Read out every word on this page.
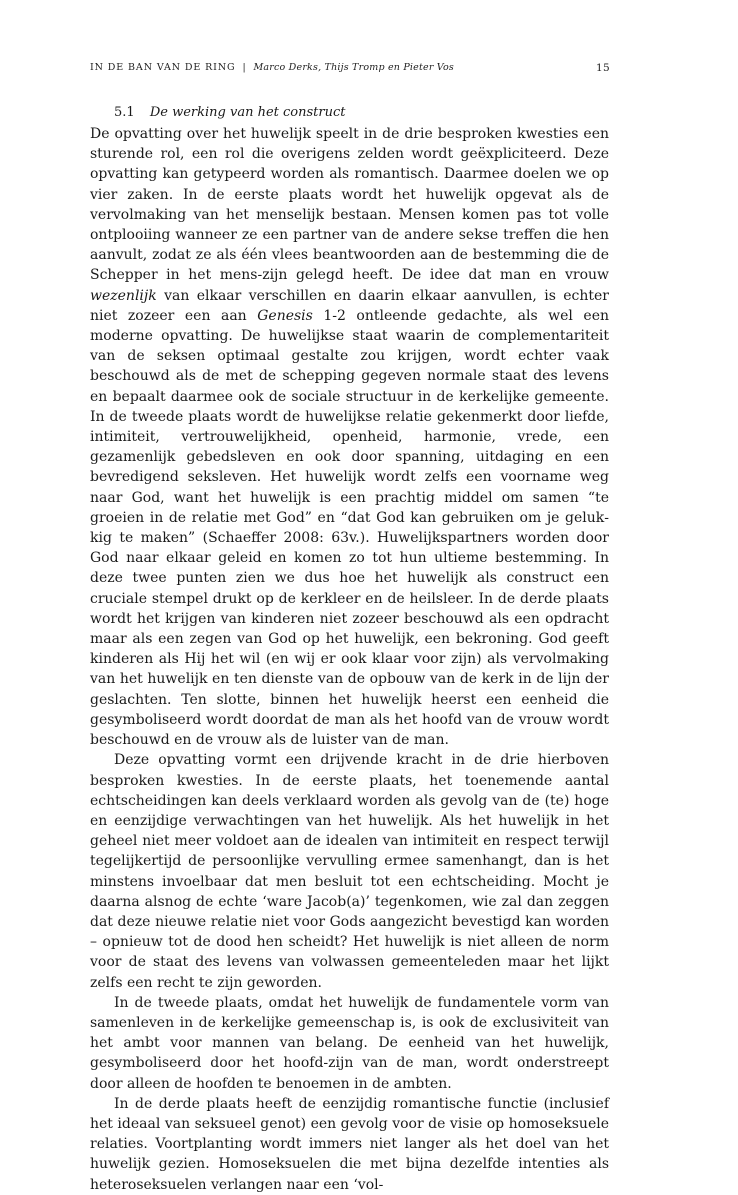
IN DE BAN VAN DE RING | Marco Derks, Thijs Tromp en Pieter Vos	15
5.1 De werking van het construct

De opvatting over het huwelijk speelt in de drie besproken kwesties een sturende rol, een rol die overigens zelden wordt geëxpliciteerd. Deze opvatting kan getypeerd worden als romantisch. Daarmee doelen we op vier zaken. In de eerste plaats wordt het huwelijk opgevat als de vervolmaking van het menselijk bestaan. Mensen komen pas tot volle ontplooiing wanneer ze een partner van de andere sekse treffen die hen aanvult, zodat ze als één vlees beantwoorden aan de bestemming die de Schepper in het mens-zijn gelegd heeft. De idee dat man en vrouw wezenlijk van elkaar verschillen en daarin elkaar aanvullen, is echter niet zozeer een aan Genesis 1-2 ontleende gedachte, als wel een moderne opvatting. De huwelijkse staat waarin de complementariteit van de seksen optimaal gestalte zou krijgen, wordt echter vaak beschouwd als de met de schepping gegeven normale staat des levens en bepaalt daarmee ook de sociale structuur in de kerkelijke gemeente. In de tweede plaats wordt de huwelijkse relatie gekenmerkt door liefde, intimiteit, vertrouwelijkheid, openheid, harmonie, vrede, een gezamenlijk gebedsleven en ook door spanning, uitdaging en een bevredigend seksleven. Het huwelijk wordt zelfs een voorname weg naar God, want het huwelijk is een prachtig middel om samen “te groeien in de relatie met God” en “dat God kan gebruiken om je gelukkig te maken” (Schaeffer 2008: 63v.). Huwelijkspartners worden door God naar elkaar geleid en komen zo tot hun ultieme bestemming. In deze twee punten zien we dus hoe het huwelijk als construct een cruciale stempel drukt op de kerkleer en de heilsleer. In de derde plaats wordt het krijgen van kinderen niet zozeer beschouwd als een opdracht maar als een zegen van God op het huwelijk, een bekroning. God geeft kinderen als Hij het wil (en wij er ook klaar voor zijn) als vervolmaking van het huwelijk en ten dienste van de opbouw van de kerk in de lijn der geslachten. Ten slotte, binnen het huwelijk heerst een eenheid die gesymboliseerd wordt doordat de man als het hoofd van de vrouw wordt beschouwd en de vrouw als de luister van de man.

Deze opvatting vormt een drijvende kracht in de drie hierboven besproken kwesties. In de eerste plaats, het toenemende aantal echtscheidingen kan deels verklaard worden als gevolg van de (te) hoge en eenzijdige verwachtingen van het huwelijk. Als het huwelijk in het geheel niet meer voldoet aan de idealen van intimiteit en respect terwijl tegelijkertijd de persoonlijke vervulling ermee samenhangt, dan is het minstens invoelbaar dat men besluit tot een echtscheiding. Mocht je daarna alsnog de echte ‘ware Jacob(a)’ tegenkomen, wie zal dan zeggen dat deze nieuwe relatie niet voor Gods aangezicht bevestigd kan worden – opnieuw tot de dood hen scheidt? Het huwelijk is niet alleen de norm voor de staat des levens van volwassen gemeenteleden maar het lijkt zelfs een recht te zijn geworden.

In de tweede plaats, omdat het huwelijk de fundamentele vorm van samenleven in de kerkelijke gemeenschap is, is ook de exclusiviteit van het ambt voor mannen van belang. De eenheid van het huwelijk, gesymboliseerd door het hoofd-zijn van de man, wordt onderstreept door alleen de hoofden te benoemen in de ambten.

In de derde plaats heeft de eenzijdig romantische functie (inclusief het ideaal van seksueel genot) een gevolg voor de visie op homoseksuele relaties. Voortplanting wordt immers niet langer als het doel van het huwelijk gezien. Homoseksuelen die met bijna dezelfde intenties als heteroseksuelen verlangen naar een ‘vol-
